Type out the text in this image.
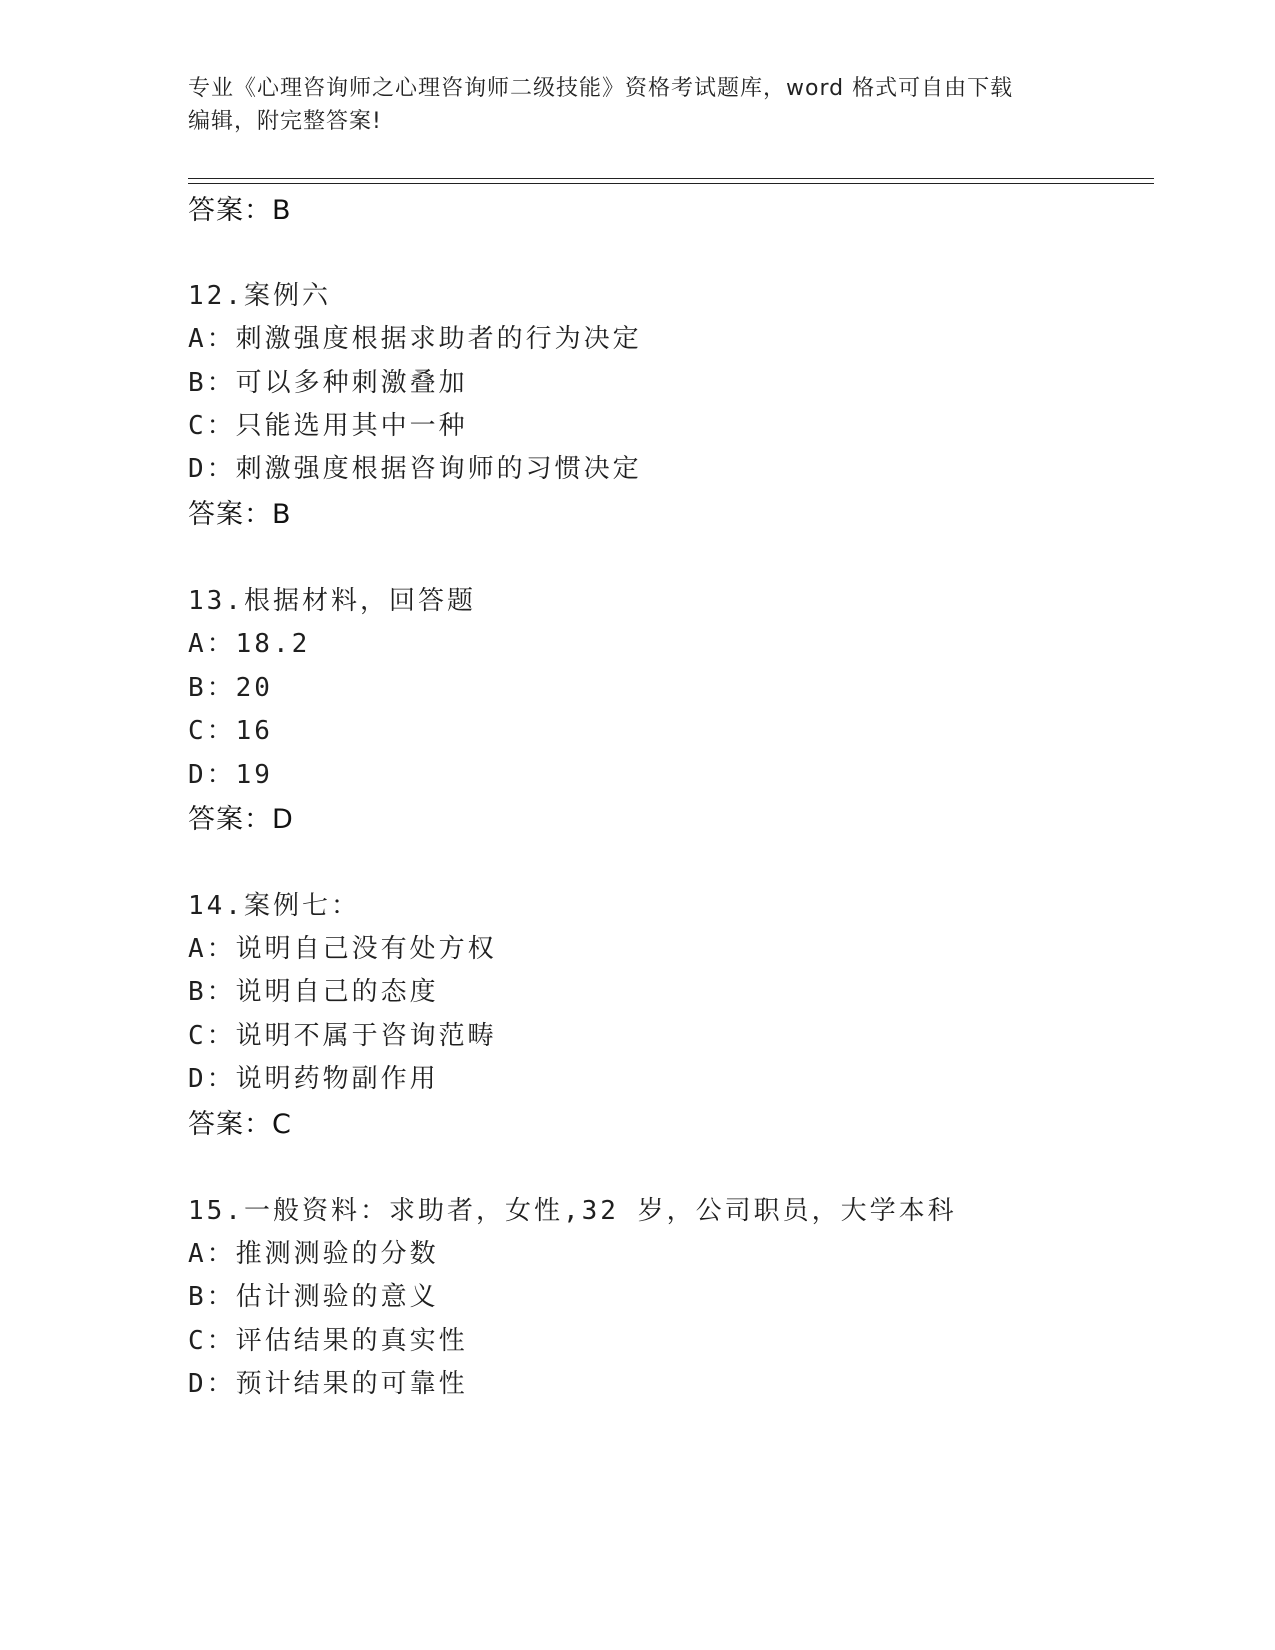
专业《心理咨询师之心理咨询师二级技能》资格考试题库，word 格式可自由下载
编辑，附完整答案!
答案：B
12.案例六
A：刺激强度根据求助者的行为决定
B：可以多种刺激叠加
C：只能选用其中一种
D：刺激强度根据咨询师的习惯决定
答案：B
13.根据材料，回答题
A：18.2
B：20
C：16
D：19
答案：D
14.案例七：
A：说明自己没有处方权
B：说明自己的态度
C：说明不属于咨询范畴
D：说明药物副作用
答案：C
15.一般资料：求助者，女性,32 岁，公司职员，大学本科
A：推测测验的分数
B：估计测验的意义
C：评估结果的真实性
D：预计结果的可靠性
